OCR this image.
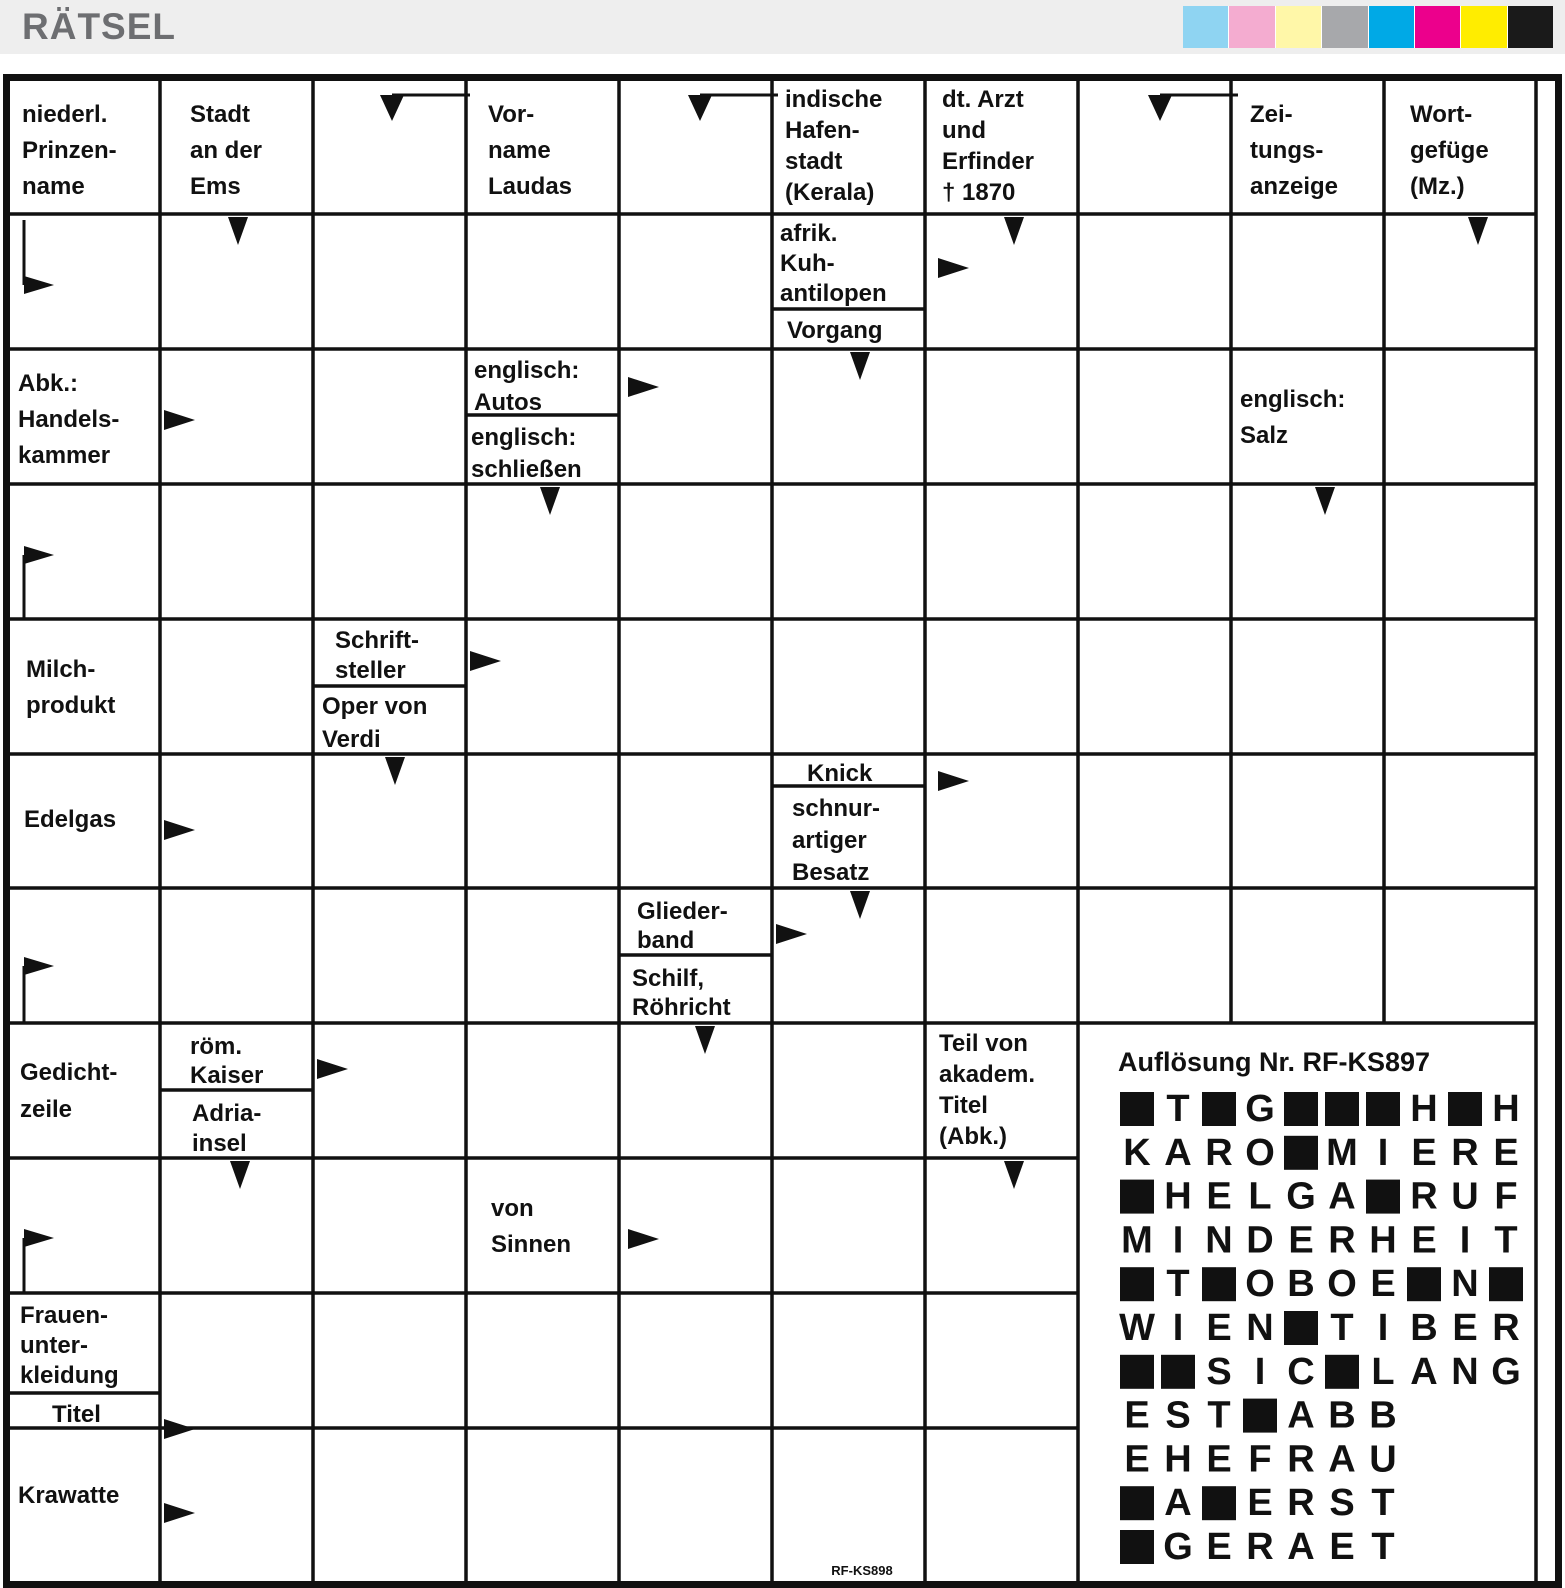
RÄTSEL
niederl. Prinzen-name
Stadt an der Ems
Vor-name Laudas
indische Hafen-stadt (Kerala)
dt. Arzt und Erfinder † 1870
Zei-tungs-anzeige
Wort-gefüge (Mz.)
afrik. Kuh-antilopen
Vorgang
Abk.: Handels-kammer
englisch: Autos
englisch: schließen
englisch: Salz
Milch-produkt
Schrift-steller
Oper von Verdi
Edelgas
Knick
schnur-artiger Besatz
Glieder-band
Schilf, Röhricht
Gedicht-zeile
röm. Kaiser
Adria-insel
Teil von akadem. Titel (Abk.)
von Sinnen
Frauen-unter-kleidung
Titel
Krawatte
Auflösung Nr. RF-KS897
T G	H H
K A R O M I E R E
H E L G A R U F
M I N D E R H E I T
T O B O E N
W I E N T I B E R
S I C L A N G
E S T A B B
E H E F R A U
A E R S T
G E R A E T
RF-KS898
